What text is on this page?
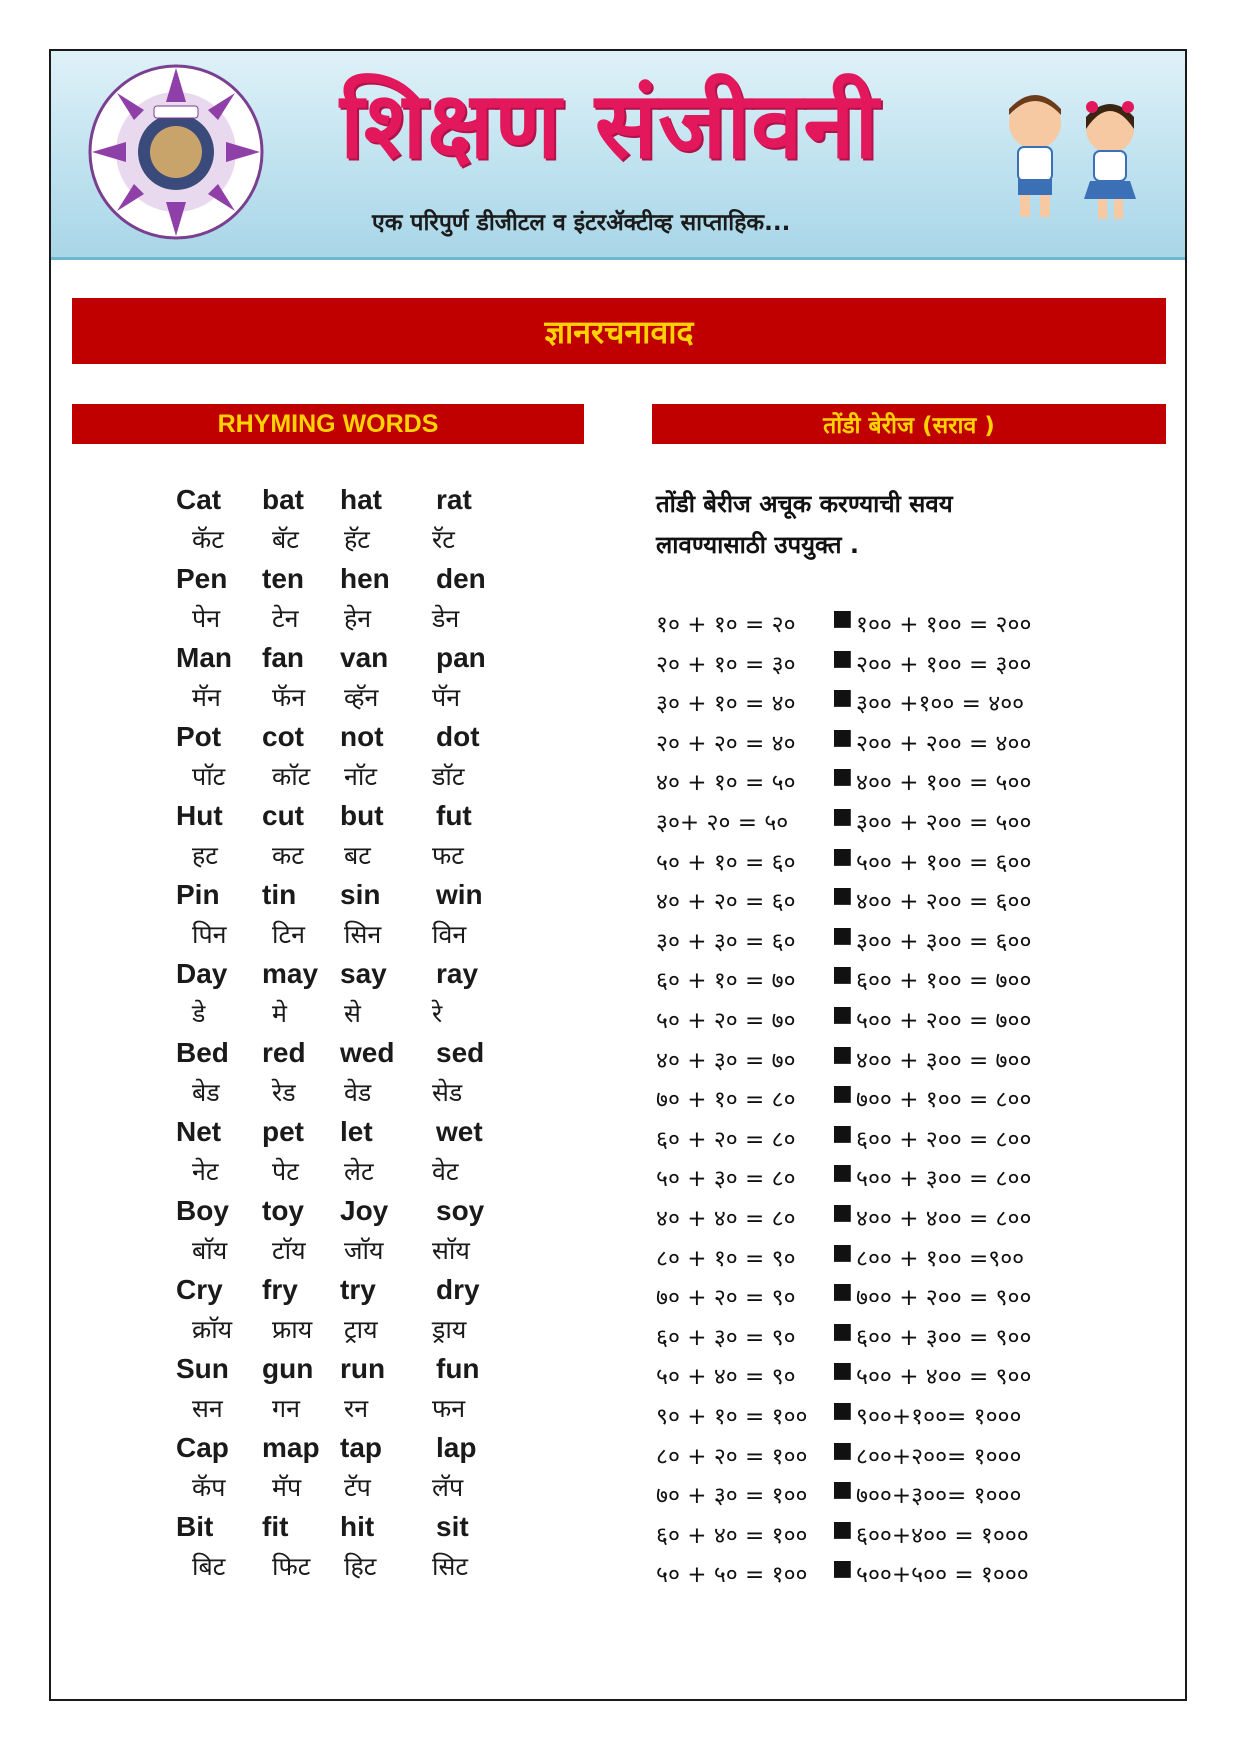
शिक्षण संजीवनी
एक परिपुर्ण डीजीटल व इंटरॲक्टीव्ह साप्ताहिक...
ज्ञानरचनावाद
RHYMING WORDS	तोंडी बेरीज (सराव )
Cat bat hat rat
कॅट बॅट हॅट रॅट
Pen ten hen den
पेन टेन हेन डेन
Man fan van pan
मॅन फॅन व्हॅन पॅन
Pot cot not dot
पाॅट काॅट नाॅट डाॅट
Hut cut but fut
हट कट बट फट
Pin tin sin win
पिन टिन सिन विन
Day may say ray
डे	मे से	रे
Bed red wed sed
बेड रेड वेड सेड
Net pet let wet
नेट पेट लेट वेट
Boy toy Joy soy
बाॅय टाॅय जाॅय साॅय
Cry fry try dry
क्राॅय फ्राय ट्राय ड्राय
Sun gun run fun
सन गन रन	फन
Cap map tap lap
कॅप मॅप टॅप लॅप
Bit fit hit sit
बिट फिट हिट सिट
तोंडी बेरीज अचूक करण्याची सवय
लावण्यासाठी उपयुक्त .
१० + १० = २० ■ १०० + १०० = २००
२० + १० = ३० ■ २०० + १०० = ३००
३० + १० = ४० ■ ३०० +१०० = ४००
२० + २० = ४० ■ २०० + २०० = ४००
४० + १० = ५० ■ ४०० + १०० = ५००
३०+ २० = ५० ■ ३०० + २०० = ५००
५० + १० = ६० ■ ५०० + १०० = ६००
४० + २० = ६० ■ ४०० + २०० = ६००
३० + ३० = ६० ■ ३०० + ३०० = ६००
६० + १० = ७० ■ ६०० + १०० = ७००
५० + २० = ७० ■ ५०० + २०० = ७००
४० + ३० = ७० ■ ४०० + ३०० = ७००
७० + १० = ८० ■ ७०० + १०० = ८००
६० + २० = ८० ■ ६०० + २०० = ८००
५० + ३० = ८० ■ ५०० + ३०० = ८००
४० + ४० = ८० ■ ४०० + ४०० = ८००
८० + १० = ९० ■ ८०० + १०० =९००
७० + २० = ९० ■ ७०० + २०० = ९००
६० + ३० = ९० ■ ६०० + ३०० = ९००
५० + ४० = ९० ■ ५०० + ४०० = ९००
९० + १० = १०० ■ ९००+१००= १०००
८० + २० = १०० ■ ८००+२००= १०००
७० + ३० = १०० ■ ७००+३००= १०००
६० + ४० = १०० ■ ६००+४०० = १०००
५० + ५० = १०० ■ ५००+५०० = १०००
